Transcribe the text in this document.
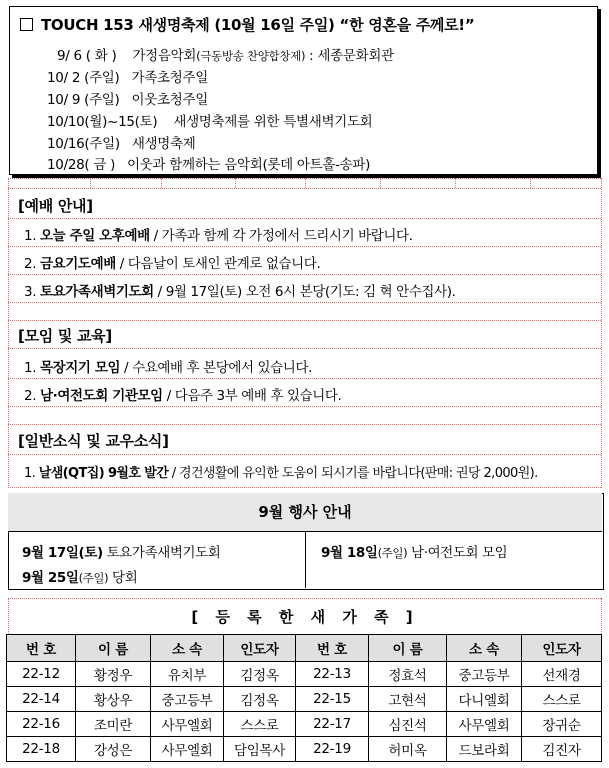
TOUCH 153 새생명축제 (10월 16일 주일) “한 영혼을 주께로!”
9/ 6 ( 화 ) 가정음악회(극동방송 찬양합창제) : 세종문화회관
10/ 2 (주일) 가족초청주일
10/ 9 (주일) 이웃초청주일
10/10(월)~15(토) 새생명축제를 위한 특별새벽기도회
10/16(주일) 새생명축제
10/28( 금 ) 이웃과 함께하는 음악회(롯데 아트홀-송파)
[예배 안내]
1. 오늘 주일 오후예배 / 가족과 함께 각 가정에서 드리시기 바랍니다.
2. 금요기도예배 / 다음날이 토새인 관계로 없습니다.
3. 토요가족새벽기도회 / 9월 17일(토) 오전 6시 본당(기도: 김 혁 안수집사).
[모임 및 교육]
1. 목장지기 모임 / 수요예배 후 본당에서 있습니다.
2. 남·여전도회 기관모임 / 다음주 3부 예배 후 있습니다.
[일반소식 및 교우소식]
1. 날샘(QT집) 9월호 발간 / 경건생활에 유익한 도움이 되시기를 바랍니다(판매: 권당 2,000원).
9월 행사 안내
9월 17일(토) 토요가족새벽기도회
9월 25일(주일) 당회
9월 18일(주일) 남·여전도회 모임
[ 등 록 한 새 가 족 ]
번 호	이 름	소 속	인도자	번 호	이 름	소 속	인도자
22-12	황정우	유치부	김정옥	22-13	정효석	중고등부	선재경
22-14	황상우	중고등부	김정옥	22-15	고현석	다니엘회	스스로
22-16	조미란	사무엘회	스스로	22-17	심진석	사무엘회	장귀순
22-18	강성은	사무엘회	담임목사	22-19	허미옥	드보라회	김진자
